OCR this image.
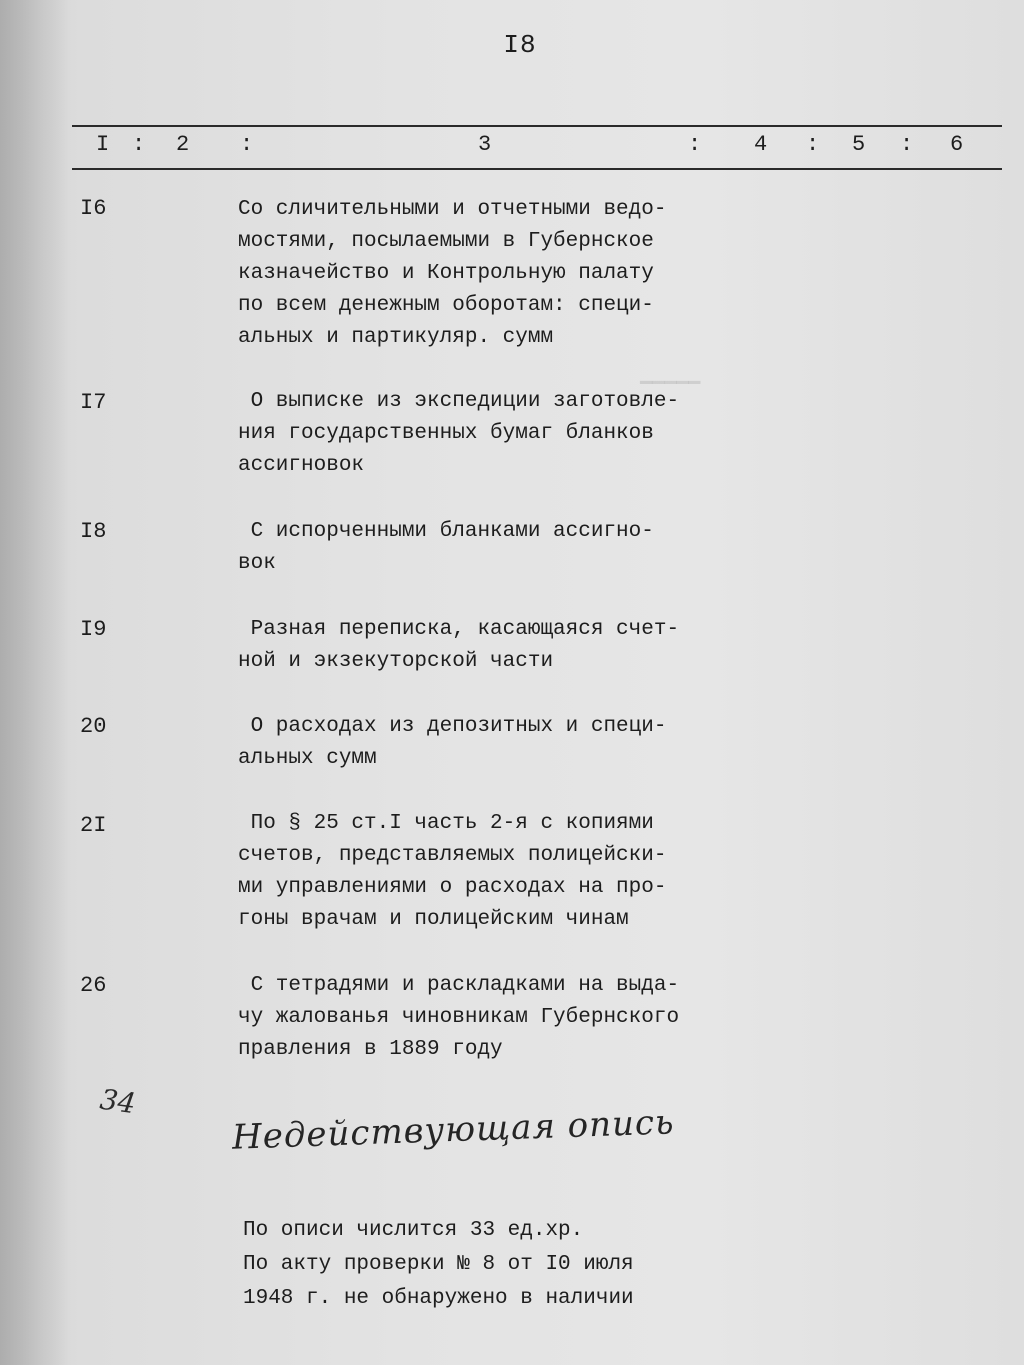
▁▁▁▁▁
I8
I : 2 :	3	: 4 : 5 : 6
I6	Со сличительными и отчетными ведо-
мостями, посылаемыми в Губернское
казначейство и Контрольную палату
по всем денежным оборотам: специ-
альных и партикуляр. сумм
I7	О выписке из экспедиции заготовле-
ния государственных бумаг бланков
ассигновок
I8	С испорченными бланками ассигно-
вок
I9	Разная переписка, касающаяся счет-
ной и экзекуторской части
20	О расходах из депозитных и специ-
альных сумм
2I	По § 25 ст.I часть 2-я с копиями
счетов, представляемых полицейски-
ми управлениями о расходах на про-
гоны врачам и полицейским чинам
26	С тетрадями и раскладками на выда-
чу жалованья чиновникам Губернского
правления в 1889 году
34
Недействующая опись
По описи числится 33 ед.хр.
По акту проверки № 8 от I0 июля
1948 г. не обнаружено в наличии
